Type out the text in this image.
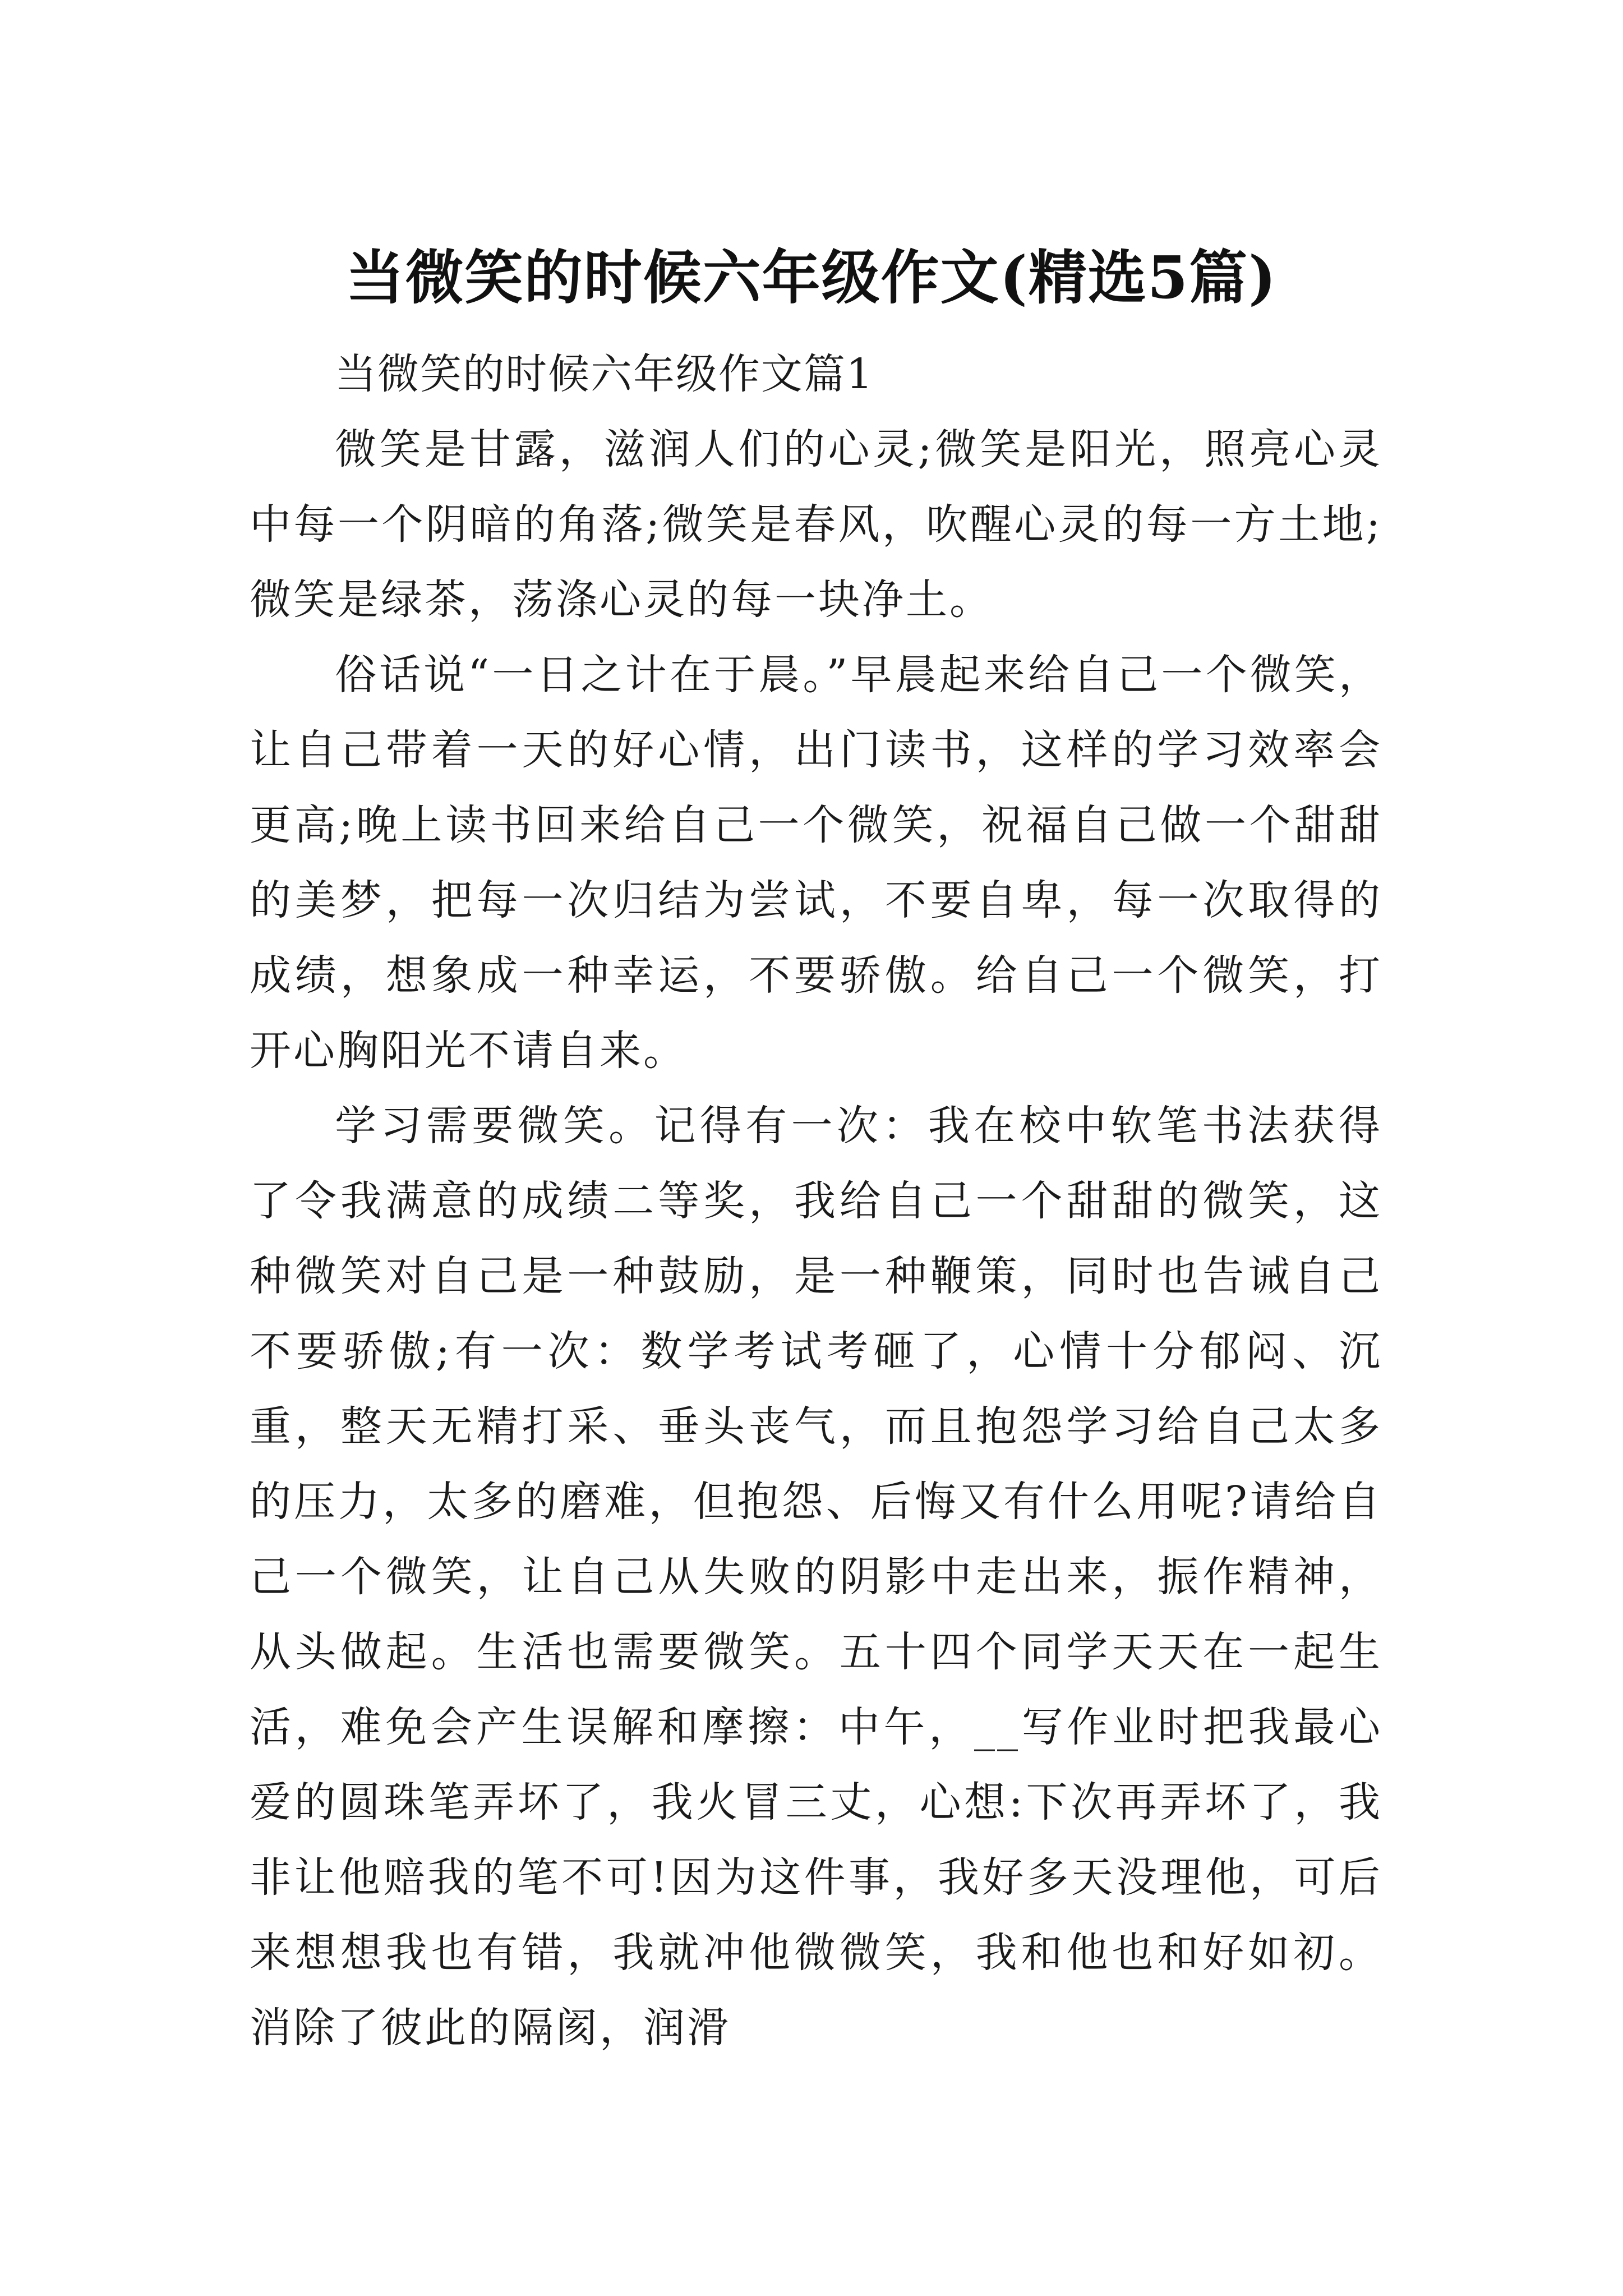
当微笑的时候六年级作文(精选5篇)

当微笑的时候六年级作文篇1

微笑是甘露，滋润人们的心灵;微笑是阳光，照亮心灵中每一个阴暗的角落;微笑是春风，吹醒心灵的每一方土地;微笑是绿茶，荡涤心灵的每一块净土。

俗话说“一日之计在于晨。”早晨起来给自己一个微笑，让自己带着一天的好心情，出门读书，这样的学习效率会更高;晚上读书回来给自己一个微笑，祝福自己做一个甜甜的美梦，把每一次归结为尝试，不要自卑，每一次取得的成绩，想象成一种幸运，不要骄傲。给自己一个微笑，打开心胸阳光不请自来。

学习需要微笑。记得有一次：我在校中软笔书法获得了令我满意的成绩二等奖，我给自己一个甜甜的微笑，这种微笑对自己是一种鼓励，是一种鞭策，同时也告诫自己不要骄傲;有一次：数学考试考砸了，心情十分郁闷、沉重，整天无精打采、垂头丧气，而且抱怨学习给自己太多的压力，太多的磨难，但抱怨、后悔又有什么用呢?请给自己一个微笑，让自己从失败的阴影中走出来，振作精神，从头做起。生活也需要微笑。五十四个同学天天在一起生活，难免会产生误解和摩擦：中午，__写作业时把我最心爱的圆珠笔弄坏了，我火冒三丈，心想:下次再弄坏了，我非让他赔我的笔不可!因为这件事，我好多天没理他，可后来想想我也有错，我就冲他微微笑，我和他也和好如初。消除了彼此的隔阂，润滑
